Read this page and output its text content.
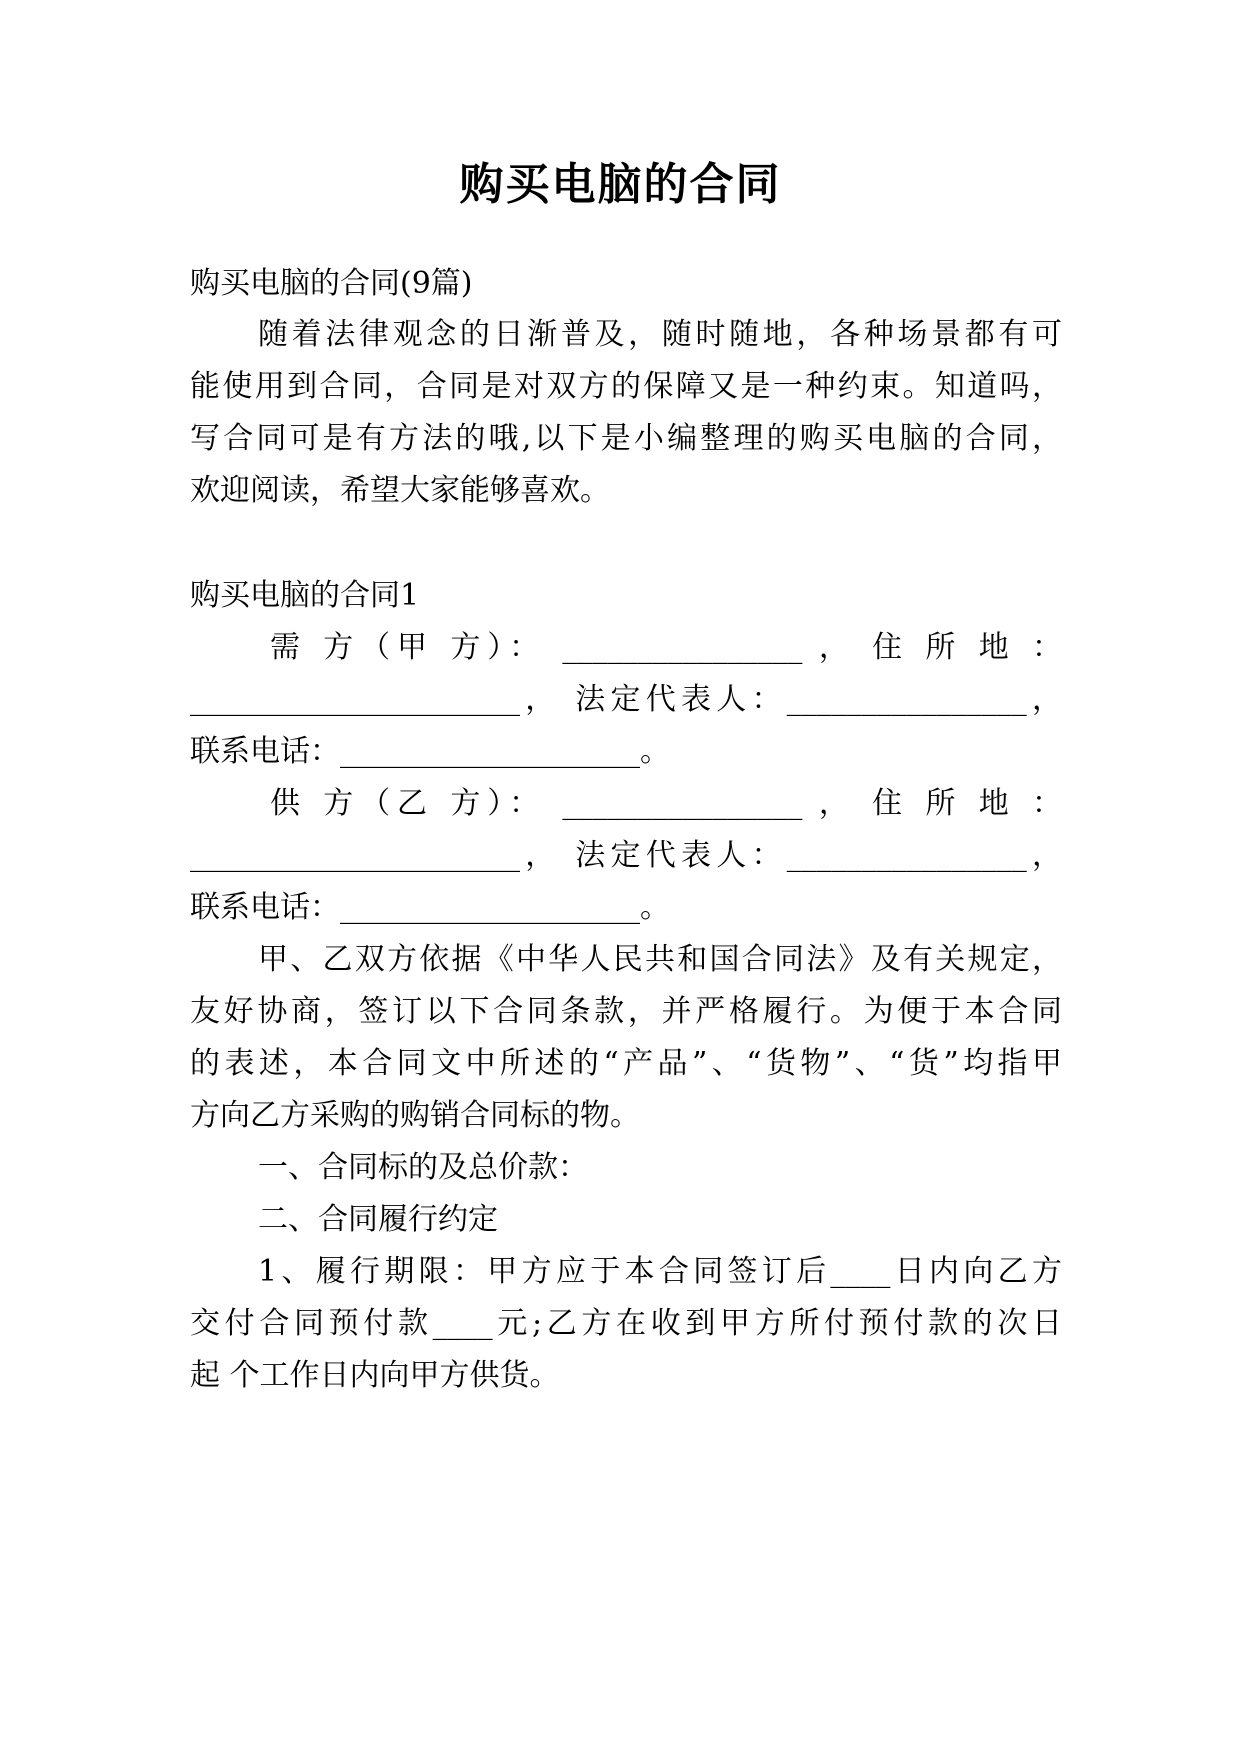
购买电脑的合同
购买电脑的合同(9篇)
随着法律观念的日渐普及，随时随地，各种场景都有可
能使用到合同，合同是对双方的保障又是一种约束。知道吗，
写合同可是有方法的哦,以下是小编整理的购买电脑的合同，
欢迎阅读，希望大家能够喜欢。
购买电脑的合同1
需 方（甲 方）： ________________ ， 住 所 地 ：
______________________， 法定代表人：________________，
联系电话：____________________。
供 方（乙 方）： ________________ ， 住 所 地 ：
______________________， 法定代表人：________________，
联系电话：____________________。
甲、乙双方依据《中华人民共和国合同法》及有关规定，
友好协商，签订以下合同条款，并严格履行。为便于本合同
的表述，本合同文中所述的“产品”、“货物”、“货”均指甲
方向乙方采购的购销合同标的物。
一、合同标的及总价款：
二、合同履行约定
1、履行期限：甲方应于本合同签订后____日内向乙方
交付合同预付款____元;乙方在收到甲方所付预付款的次日
起 个工作日内向甲方供货。
